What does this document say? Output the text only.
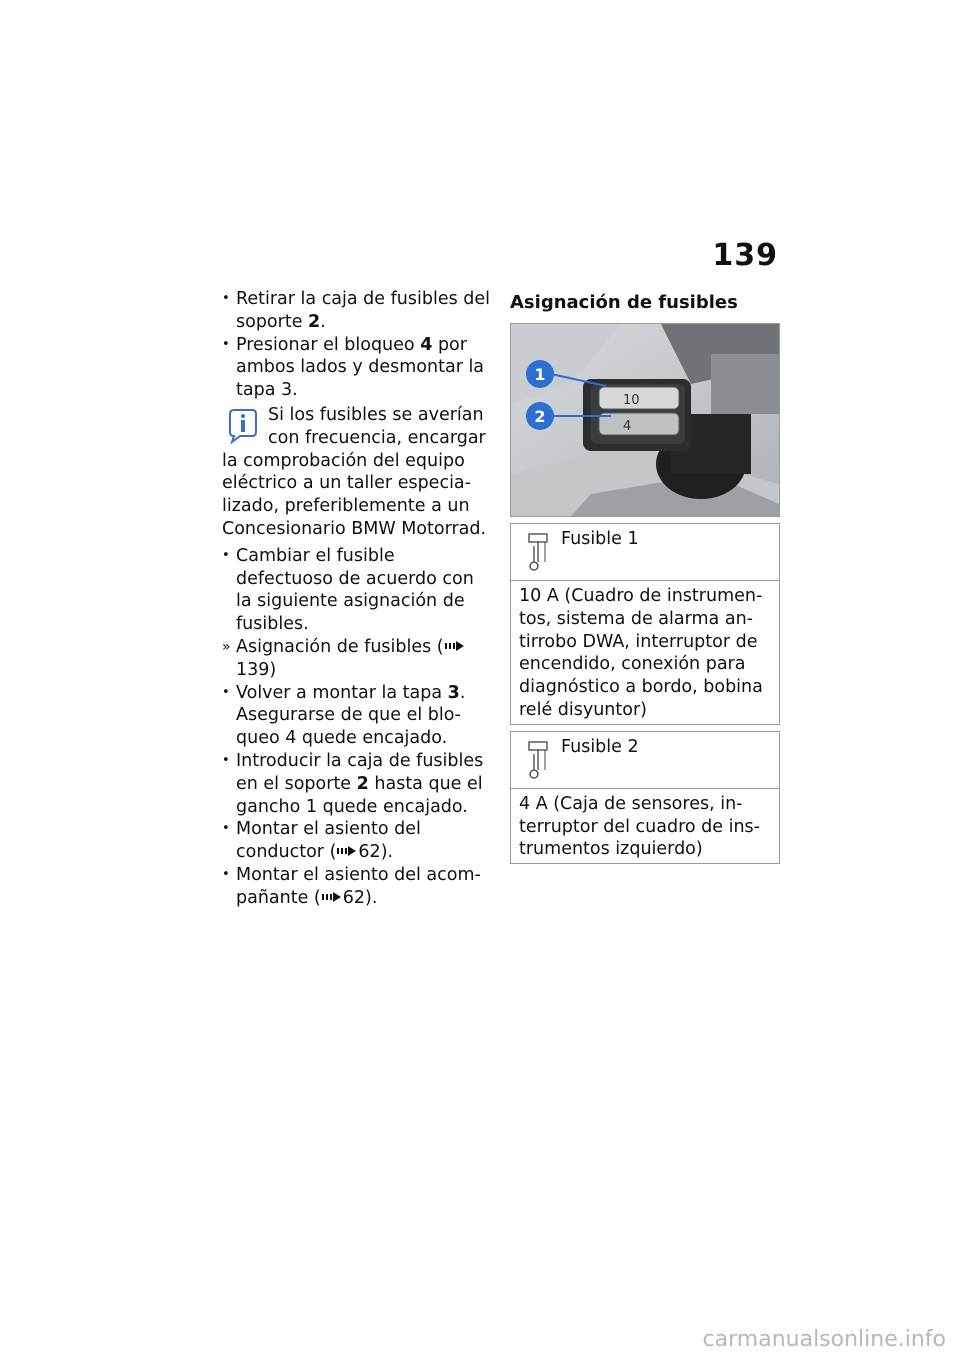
139
• Retirar la caja de fusibles del soporte 2.
• Presionar el bloqueo 4 por ambos lados y desmontar la tapa 3.
Si los fusibles se averían con frecuencia, encargar
la comprobación del equipo eléctrico a un taller especializado, preferiblemente a un Concesionario BMW Motorrad.
• Cambiar el fusible defectuoso de acuerdo con la siguiente asignación de fusibles.
» Asignación de fusibles (139)
• Volver a montar la tapa 3. Asegurarse de que el bloqueo 4 quede encajado.
• Introducir la caja de fusibles en el soporte 2 hasta que el gancho 1 quede encajado.
• Montar el asiento del conductor ( 62).
• Montar el asiento del acompañante ( 62).
Asignación de fusibles
10
4
1
2
Fusible 1
10 A (Cuadro de instrumentos, sistema de alarma antirrobo DWA, interruptor de encendido, conexión para diagnóstico a bordo, bobina relé disyuntor)
Fusible 2
4 A (Caja de sensores, interruptor del cuadro de instrumentos izquierdo)
carmanualsonline.info
